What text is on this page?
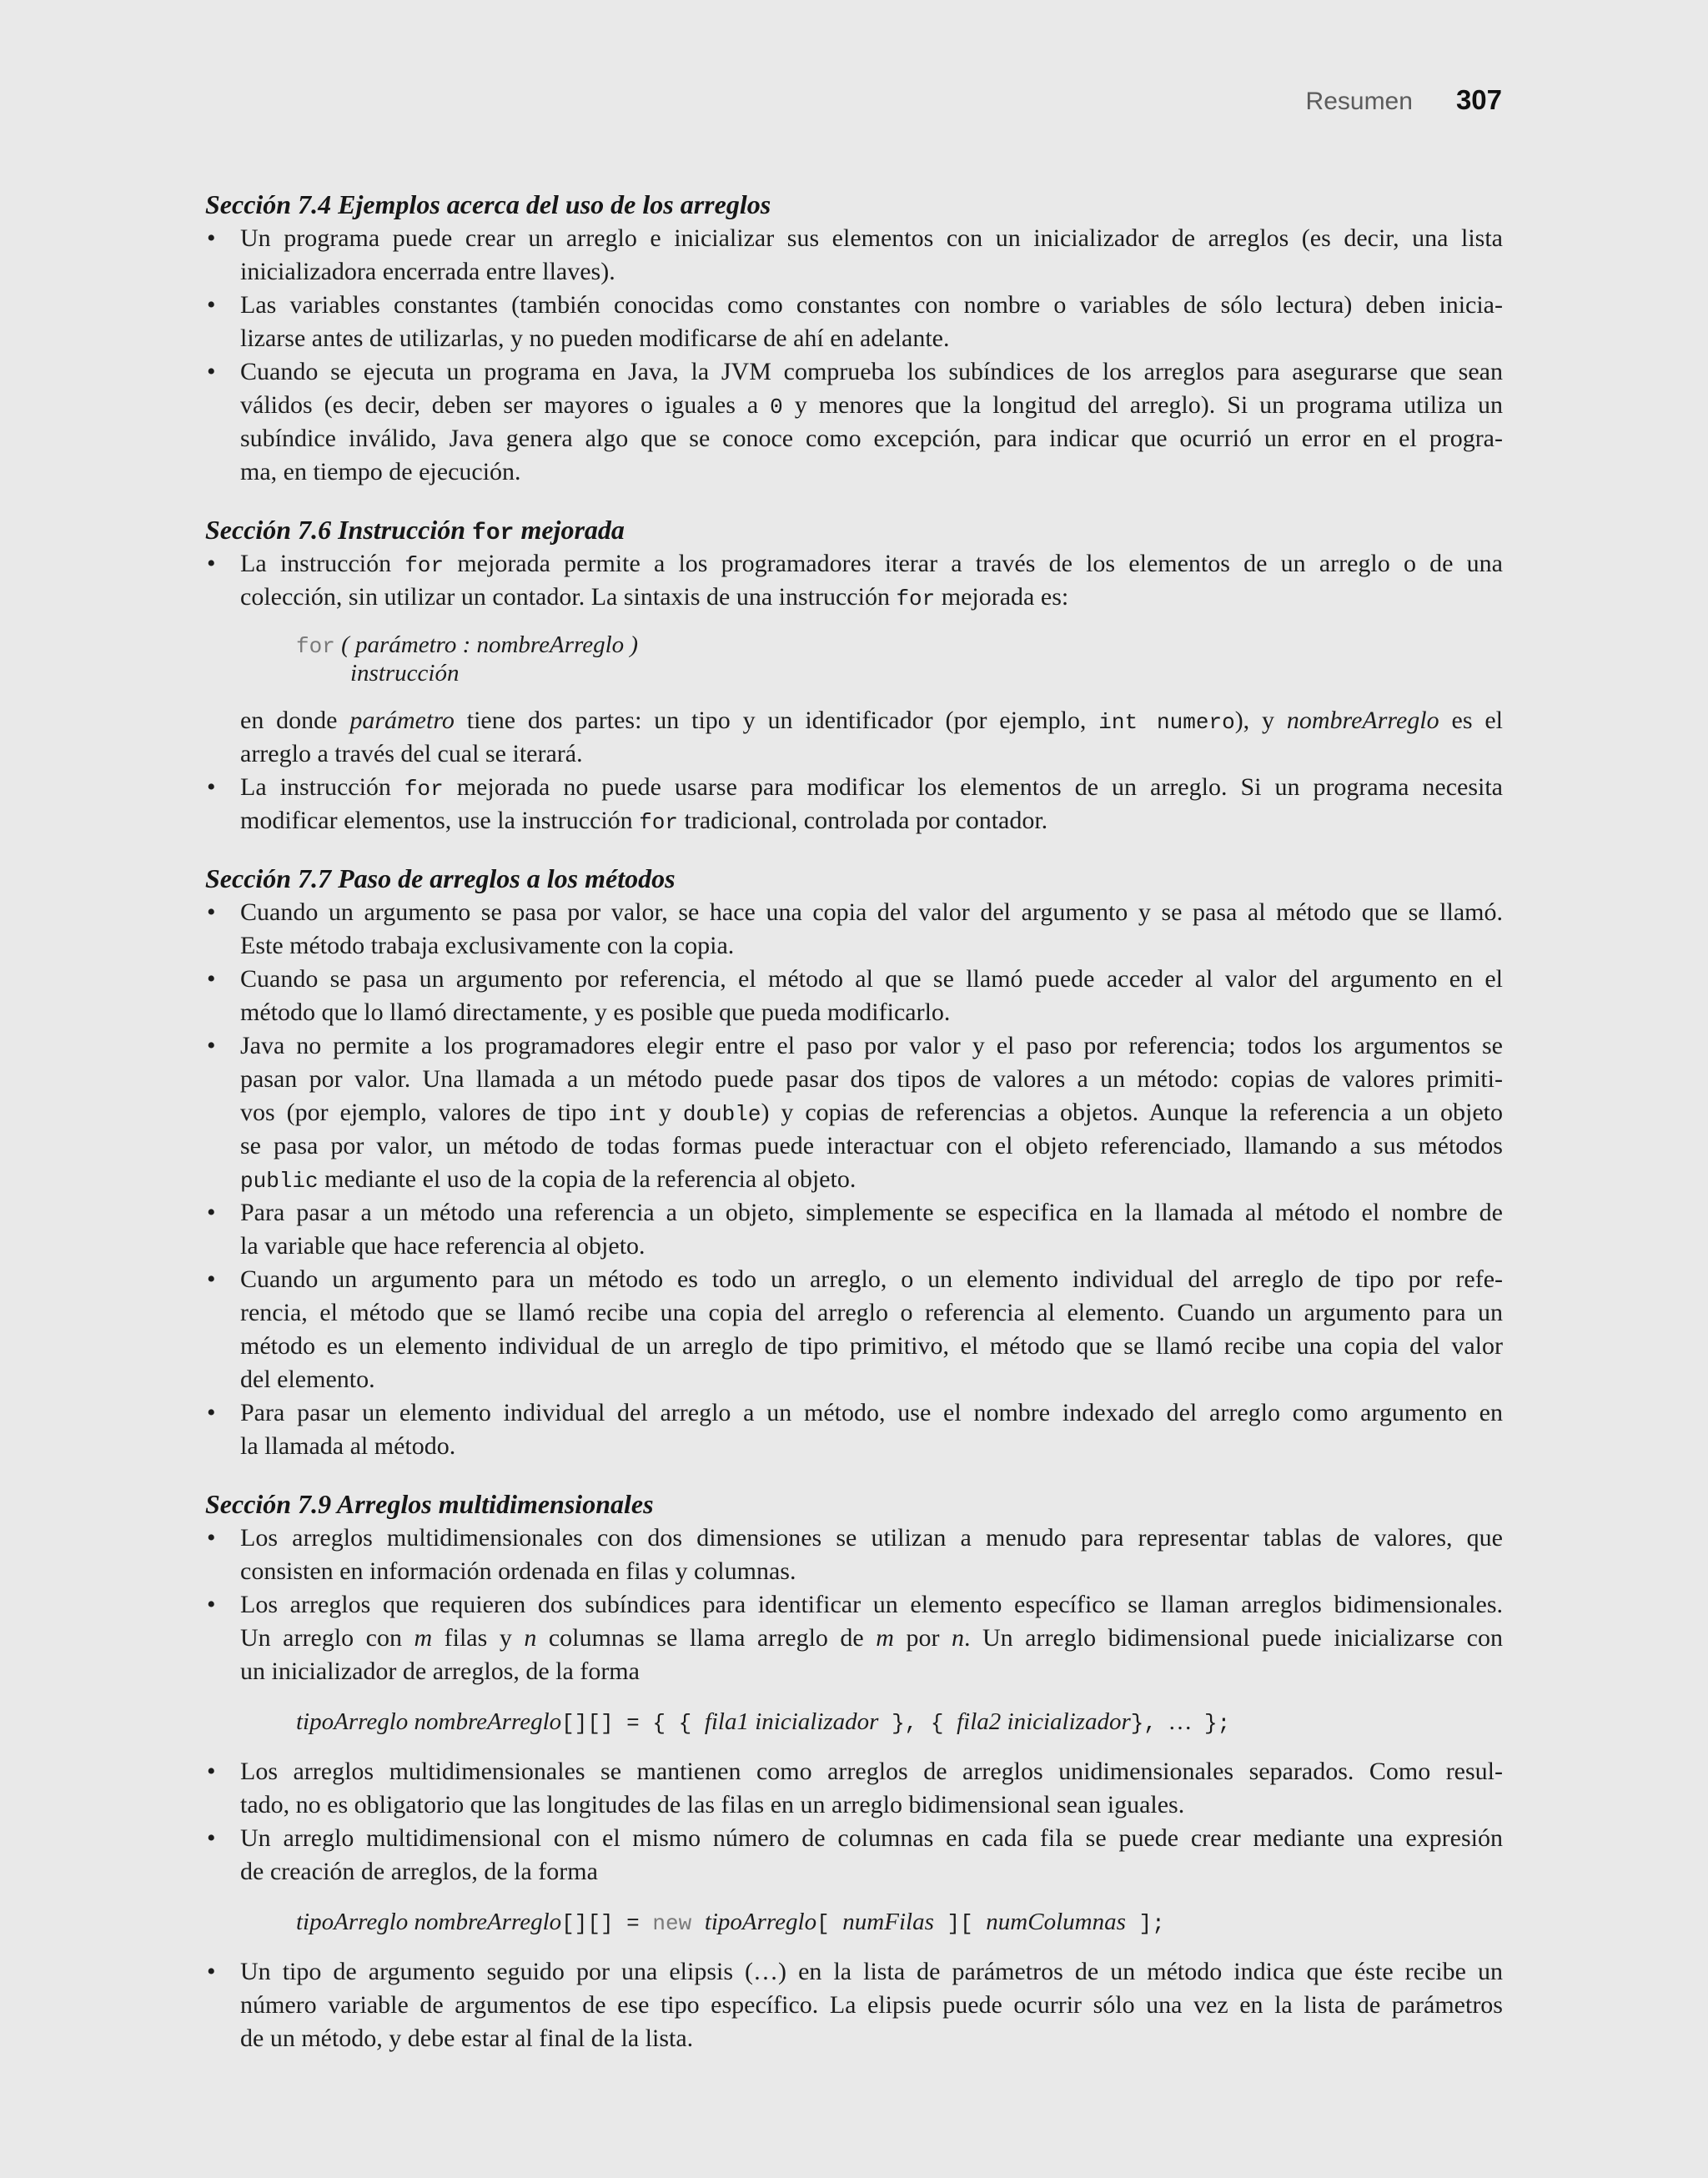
Resumen 307
Sección 7.4 Ejemplos acerca del uso de los arreglos
• Un programa puede crear un arreglo e inicializar sus elementos con un inicializador de arreglos (es decir, una lista
inicializadora encerrada entre llaves).
• Las variables constantes (también conocidas como constantes con nombre o variables de sólo lectura) deben inicia-
lizarse antes de utilizarlas, y no pueden modificarse de ahí en adelante.
• Cuando se ejecuta un programa en Java, la JVM comprueba los subíndices de los arreglos para asegurarse que sean
válidos (es decir, deben ser mayores o iguales a 0 y menores que la longitud del arreglo). Si un programa utiliza un
subíndice inválido, Java genera algo que se conoce como excepción, para indicar que ocurrió un error en el progra-
ma, en tiempo de ejecución.
Sección 7.6 Instrucción for mejorada
• La instrucción for mejorada permite a los programadores iterar a través de los elementos de un arreglo o de una
colección, sin utilizar un contador. La sintaxis de una instrucción for mejorada es:
for ( parámetro : nombreArreglo )
instrucción
en donde parámetro tiene dos partes: un tipo y un identificador (por ejemplo, int numero), y nombreArreglo es el
arreglo a través del cual se iterará.
• La instrucción for mejorada no puede usarse para modificar los elementos de un arreglo. Si un programa necesita
modificar elementos, use la instrucción for tradicional, controlada por contador.
Sección 7.7 Paso de arreglos a los métodos
• Cuando un argumento se pasa por valor, se hace una copia del valor del argumento y se pasa al método que se llamó.
Este método trabaja exclusivamente con la copia.
• Cuando se pasa un argumento por referencia, el método al que se llamó puede acceder al valor del argumento en el
método que lo llamó directamente, y es posible que pueda modificarlo.
• Java no permite a los programadores elegir entre el paso por valor y el paso por referencia; todos los argumentos se
pasan por valor. Una llamada a un método puede pasar dos tipos de valores a un método: copias de valores primiti-
vos (por ejemplo, valores de tipo int y double) y copias de referencias a objetos. Aunque la referencia a un objeto
se pasa por valor, un método de todas formas puede interactuar con el objeto referenciado, llamando a sus métodos
public mediante el uso de la copia de la referencia al objeto.
• Para pasar a un método una referencia a un objeto, simplemente se especifica en la llamada al método el nombre de
la variable que hace referencia al objeto.
• Cuando un argumento para un método es todo un arreglo, o un elemento individual del arreglo de tipo por refe-
rencia, el método que se llamó recibe una copia del arreglo o referencia al elemento. Cuando un argumento para un
método es un elemento individual de un arreglo de tipo primitivo, el método que se llamó recibe una copia del valor
del elemento.
• Para pasar un elemento individual del arreglo a un método, use el nombre indexado del arreglo como argumento en
la llamada al método.
Sección 7.9 Arreglos multidimensionales
• Los arreglos multidimensionales con dos dimensiones se utilizan a menudo para representar tablas de valores, que
consisten en información ordenada en filas y columnas.
• Los arreglos que requieren dos subíndices para identificar un elemento específico se llaman arreglos bidimensionales.
Un arreglo con m filas y n columnas se llama arreglo de m por n. Un arreglo bidimensional puede inicializarse con
un inicializador de arreglos, de la forma
tipoArreglo nombreArreglo[][] = { { fila1 inicializador }, { fila2 inicializador}, … };
• Los arreglos multidimensionales se mantienen como arreglos de arreglos unidimensionales separados. Como resul-
tado, no es obligatorio que las longitudes de las filas en un arreglo bidimensional sean iguales.
• Un arreglo multidimensional con el mismo número de columnas en cada fila se puede crear mediante una expresión
de creación de arreglos, de la forma
tipoArreglo nombreArreglo[][] = new tipoArreglo[ numFilas ][ numColumnas ];
• Un tipo de argumento seguido por una elipsis (…) en la lista de parámetros de un método indica que éste recibe un
número variable de argumentos de ese tipo específico. La elipsis puede ocurrir sólo una vez en la lista de parámetros
de un método, y debe estar al final de la lista.
